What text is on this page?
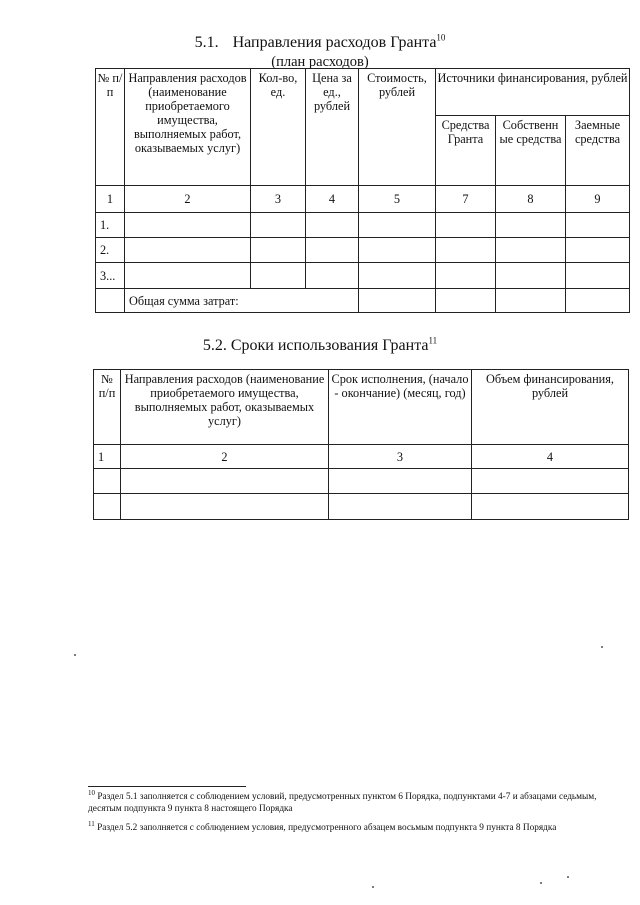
5.1. Направления расходов Гранта$^{10}$
(план расходов)
№ п/п	Направления расходов (наименование приобретаемого имущества, выполняемых работ, оказываемых услуг)	Кол-во, ед.	Цена за ед., рублей	Стоимость, рублей	Источники финансирования, рублей		
					Средства Гранта	Собственн ые средства	Заемные средства
1	2	3	4	5	7	8	9
1.							
2.							
3...							
	Общая сумма затрат:						
5.2. Сроки использования Гранта$^{11}$
№ п/п	Направления расходов (наименование приобретаемого имущества, выполняемых работ, оказываемых услуг)	Срок исполнения, (начало - окончание) (месяц, год)	Объем финансирования, рублей
1	2	3	4

$^{10}$ Раздел 5.1 заполняется с соблюдением условий, предусмотренных пунктом 6 Порядка, подпунктами 4-7 и абзацами седьмым, десятым подпункта 9 пункта 8 настоящего Порядка
$^{11}$ Раздел 5.2 заполняется с соблюдением условия, предусмотренного абзацем восьмым подпункта 9 пункта 8 Порядка
